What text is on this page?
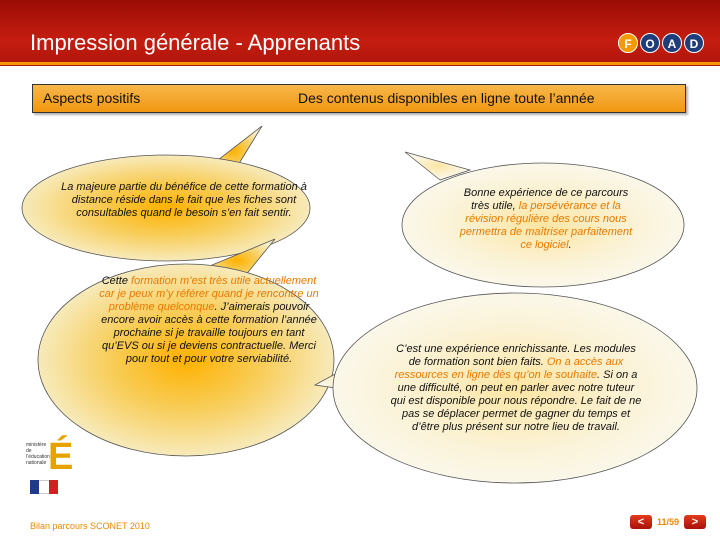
Impression générale - Apprenants	F	O	A	D
Aspects positifs	Des contenus disponibles en ligne toute l’année
La majeure partie du bénéfice de cette formation à distance réside dans le fait que les fiches sont consultables quand le besoin s’en fait sentir.
Cette formation m’est très utile actuellement car je peux m’y référer quand je rencontre un problème quelconque. J’aimerais pouvoir encore avoir accès à cette formation l’année prochaine si je travaille toujours en tant qu’EVS ou si je deviens contractuelle. Merci pour tout et pour votre serviabilité.
Bonne expérience de ce parcours très utile, la persévérance et la révision régulière des cours nous permettra de maîtriser parfaitement ce logiciel.
C’est une expérience enrichissante. Les modules de formation sont bien faits. On a accès aux ressources en ligne dès qu’on le souhaite. Si on a une difficulté, on peut en parler avec notre tuteur qui est disponible pour nous répondre. Le fait de ne pas se déplacer permet de gagner du temps et d’être plus présent sur notre lieu de travail.
ministère de l’éducation nationale É
Bilan parcours SCONET 2010	<	11/59	>
